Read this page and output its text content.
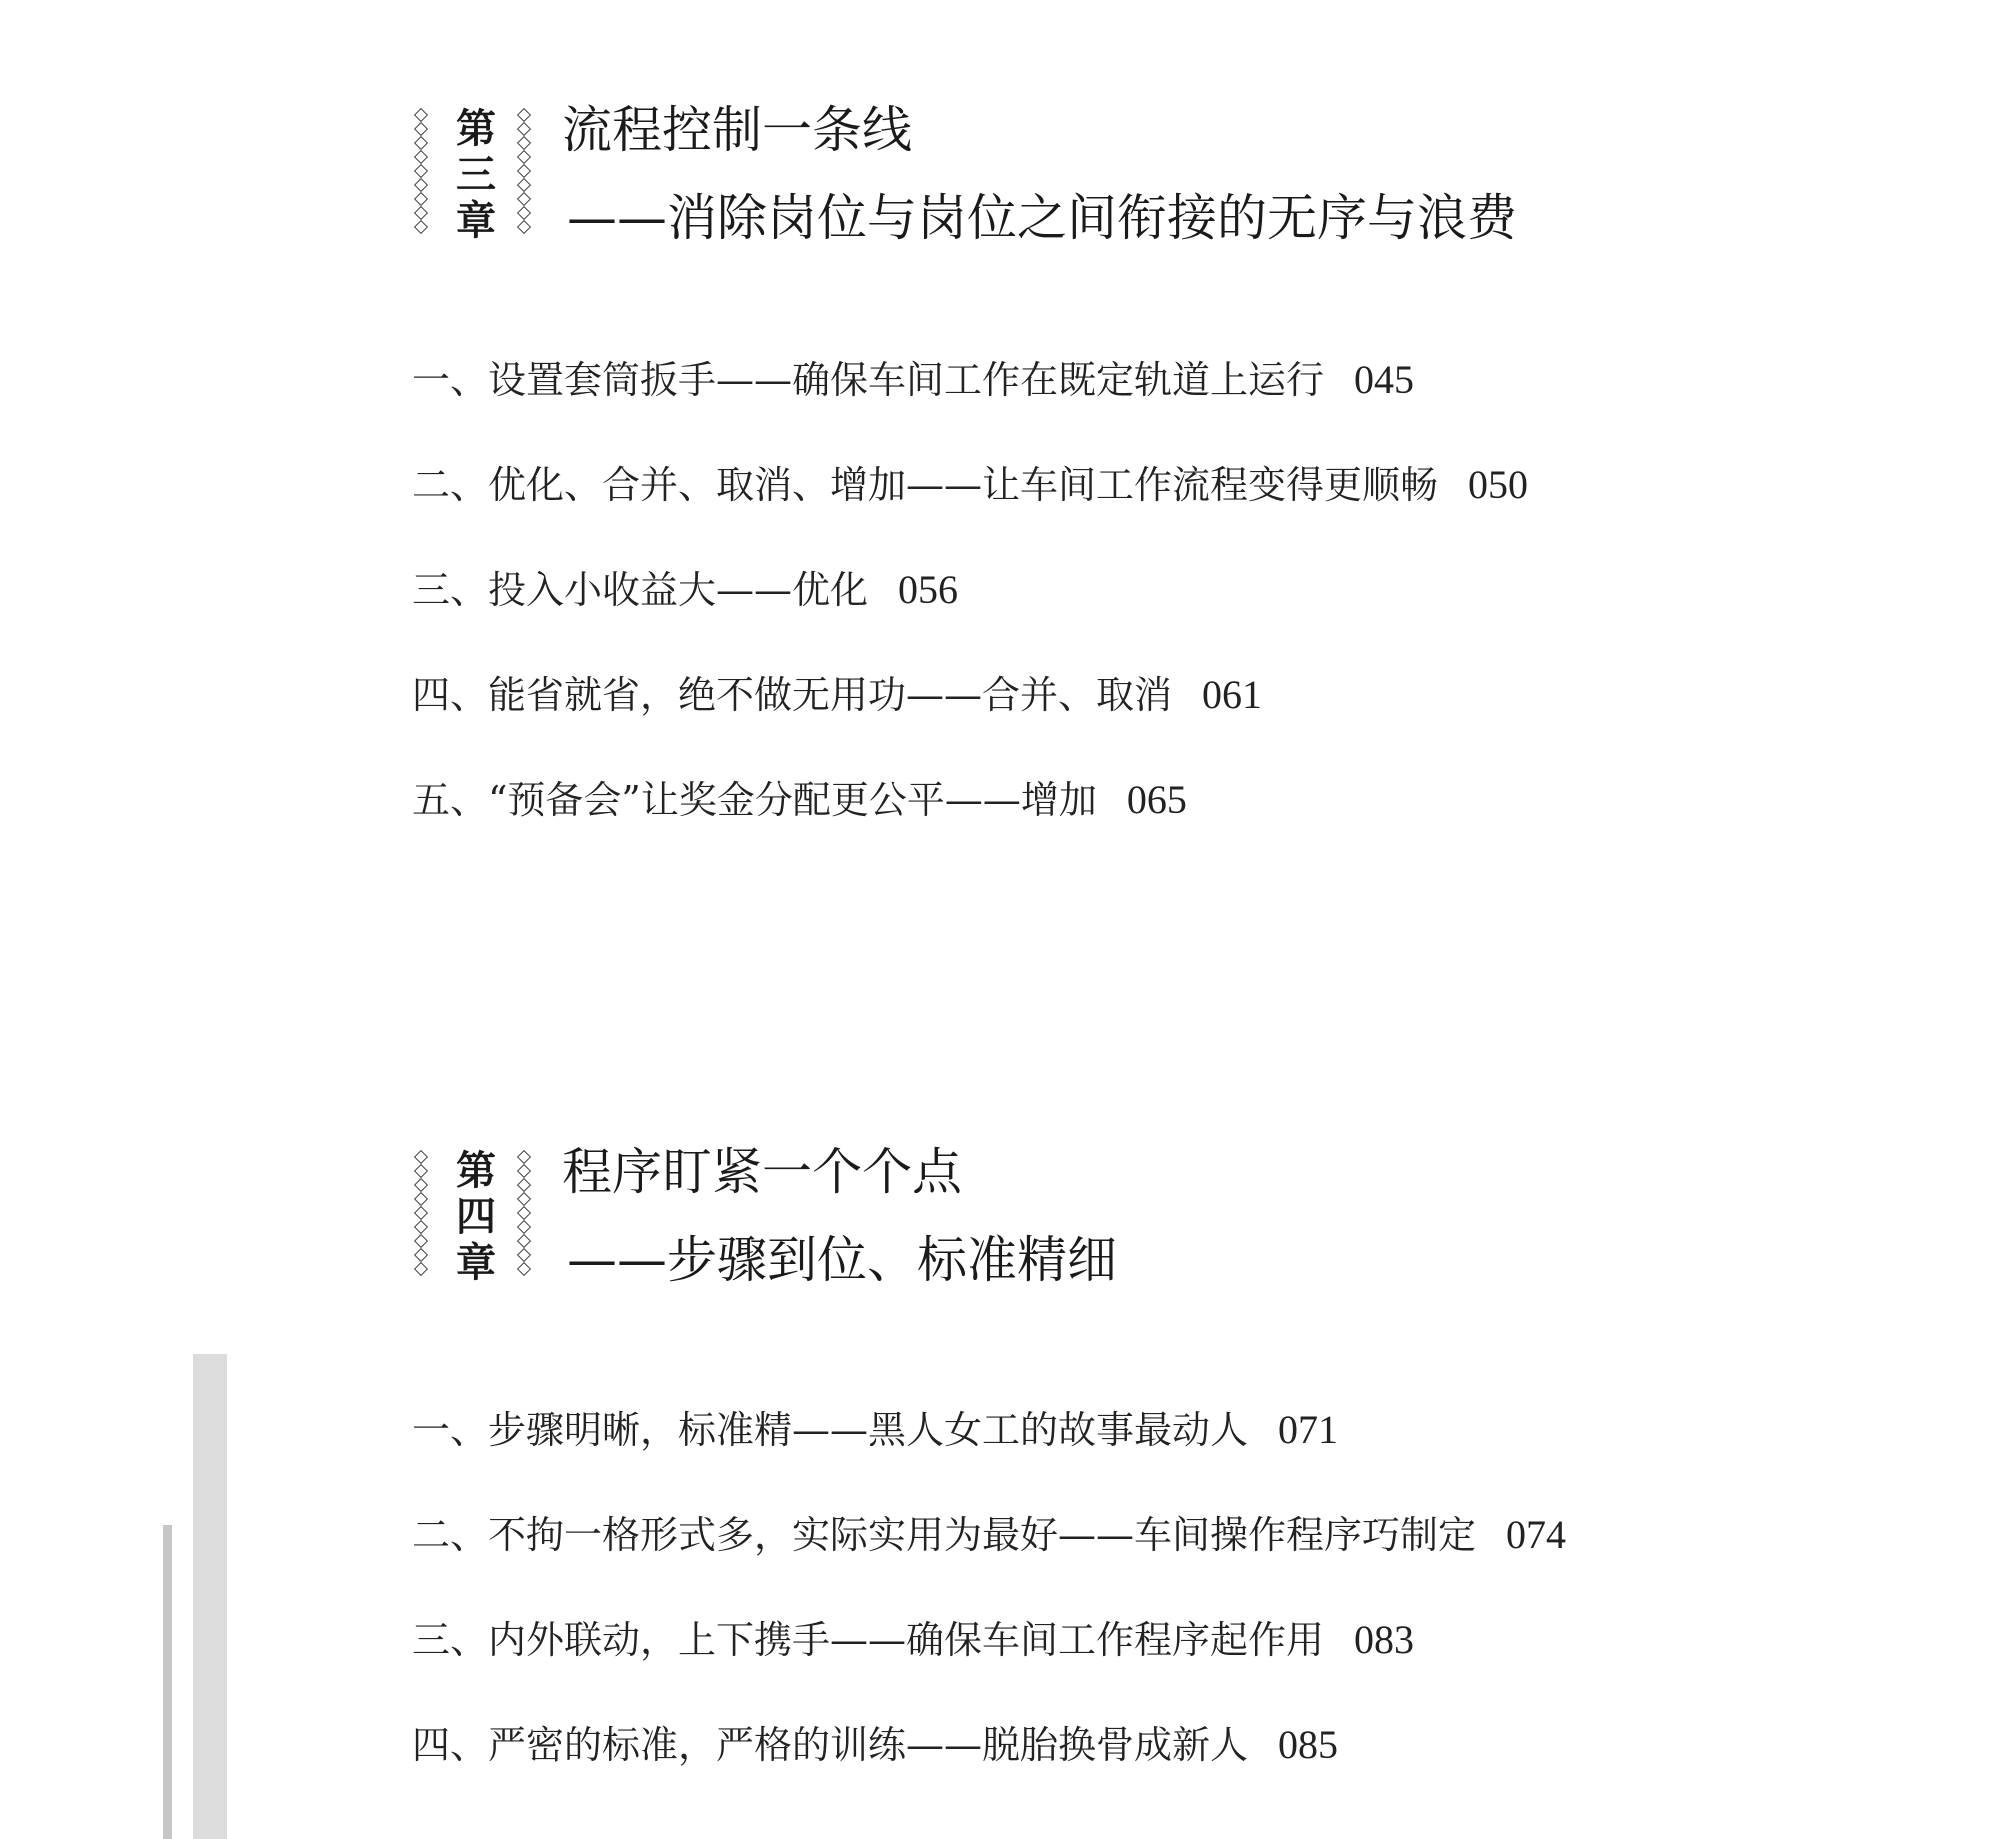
第
三
章
流程控制一条线
——消除岗位与岗位之间衔接的无序与浪费
一、设置套筒扳手——确保车间工作在既定轨道上运行 045
二、优化、合并、取消、增加——让车间工作流程变得更顺畅 050
三、投入小收益大——优化 056
四、能省就省，绝不做无用功——合并、取消 061
五、“预备会”让奖金分配更公平——增加 065
第
四
章
程序盯紧一个个点
——步骤到位、标准精细
一、步骤明晰，标准精——黑人女工的故事最动人 071
二、不拘一格形式多，实际实用为最好——车间操作程序巧制定 074
三、内外联动，上下携手——确保车间工作程序起作用 083
四、严密的标准，严格的训练——脱胎换骨成新人 085
